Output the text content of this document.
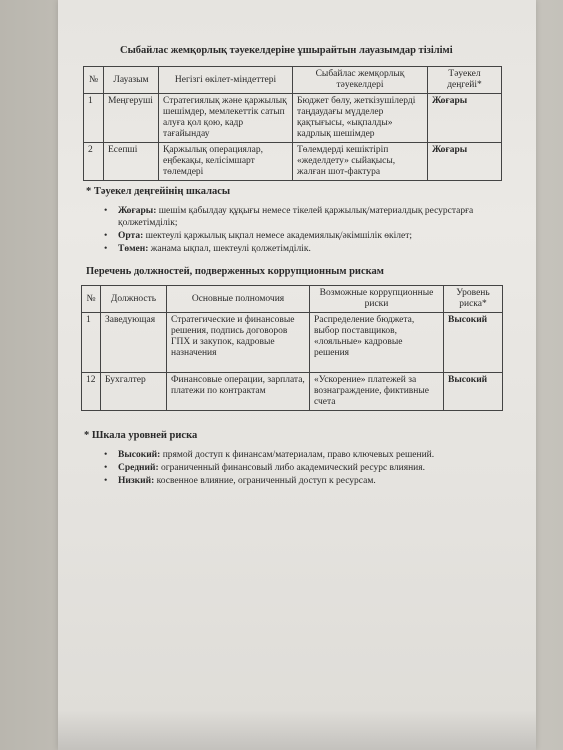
Сыбайлас жемқорлық тәуекелдеріне ұшырайтын лауазымдар тізілімі
№	Лауазым	Негізгі өкілет-міндеттері	Сыбайлас жемқорлық тәуекелдері	Тәуекел деңгейі*
1	Меңгеруші	Стратегиялық және қаржылық шешімдер, мемлекеттік сатып алуға қол қою, кадр тағайындау	Бюджет бөлу, жеткізушілерді таңдаудағы мүдделер қақтығысы, «ықпалды» кадрлық шешімдер	Жоғары
2	Есепші	Қаржылық операциялар, еңбекақы, келісімшарт төлемдері	Төлемдерді кешіктіріп «жеделдету» сыйақысы, жалған шот-фактура	Жоғары
* Тәуекел деңгейінің шкаласы
• Жоғары: шешім қабылдау құқығы немесе тікелей қаржылық/материалдық ресурстарға қолжетімділік;
• Орта: шектеулі қаржылық ықпал немесе академиялық/әкімшілік өкілет;
• Төмен: жанама ықпал, шектеулі қолжетімділік.
Перечень должностей, подверженных коррупционным рискам
№	Должность	Основные полномочия	Возможные коррупционные риски	Уровень риска*
1	Заведующая	Стратегические и финансовые решения, подпись договоров ГПХ и закупок, кадровые назначения	Распределение бюджета, выбор поставщиков, «лояльные» кадровые решения	Высокий
12	Бухгалтер	Финансовые операции, зарплата, платежи по контрактам	«Ускорение» платежей за вознаграждение, фиктивные счета	Высокий
* Шкала уровней риска
• Высокий: прямой доступ к финансам/материалам, право ключевых решений.
• Средний: ограниченный финансовый либо академический ресурс влияния.
• Низкий: косвенное влияние, ограниченный доступ к ресурсам.
